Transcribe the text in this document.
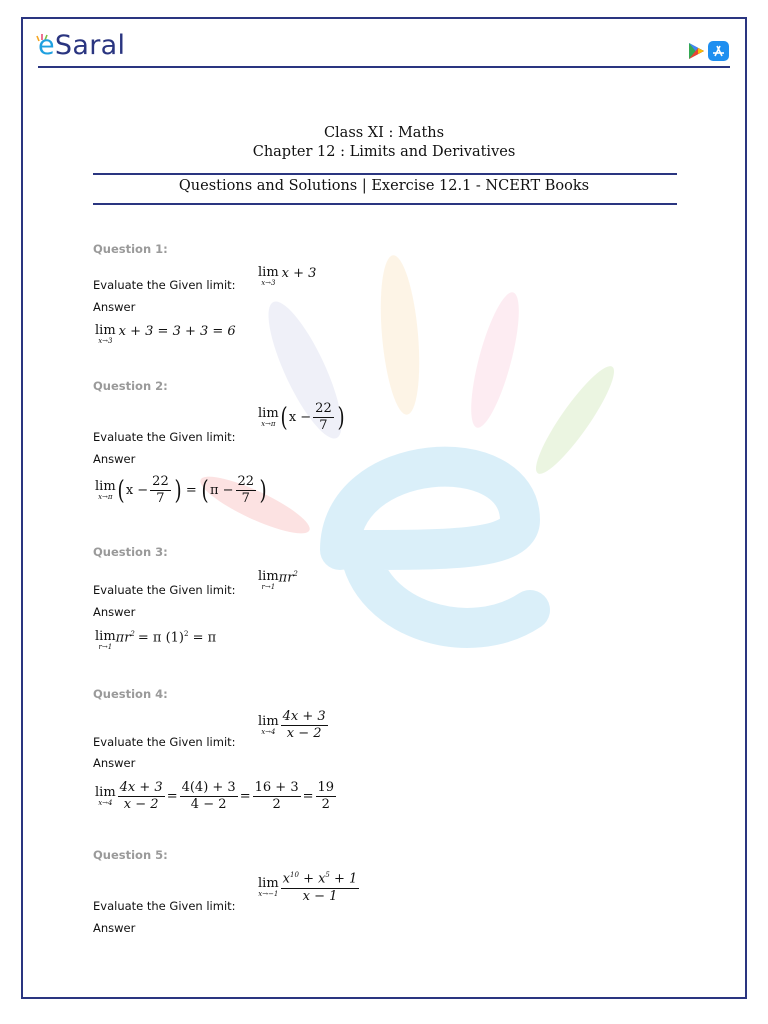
eSaral
Class XI : Maths
Chapter 12 : Limits and Derivatives
Questions and Solutions | Exercise 12.1 - NCERT Books
Question 1:
Evaluate the Given limit:
lim
x→3
x + 3
Answer
lim
x→3
x + 3 = 3 + 3 = 6
Question 2:
Evaluate the Given limit:
lim
x→π ( $x - \frac{22}{7}$ )
Answer
lim
x→π ( $x - \frac{22}{7}$ ) = ( $\pi - \frac{22}{7}$ )
Question 3:
Evaluate the Given limit:
lim
r→1
$\pi r^2$
Answer
lim
r→1
$\pi r^2 = \pi$ $(1)^2 = \pi$
Question 4:
Evaluate the Given limit:
lim
$x\to 4 \frac{4x + 3}{x - 2}$
Answer
lim
$x\to 4 \frac{4x + 3}{x - 2} = \frac{4(4) + 3}{4 - 2} = \frac{16 + 3}{2} = \frac{19}{2}$
Question 5:
Evaluate the Given limit:
lim
$x\to-1 \frac{x^{10} + x^5 + 1}{x - 1}$
Answer
